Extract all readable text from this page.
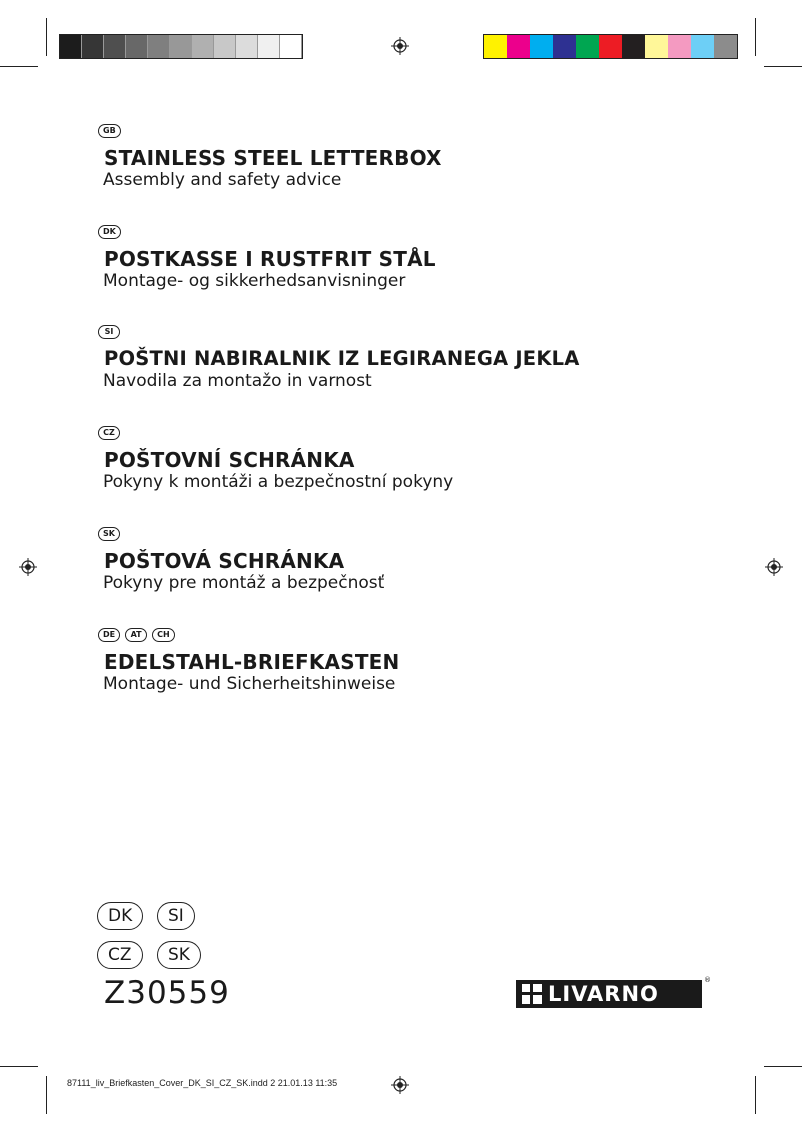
GB
STAINLESS STEEL LETTERBOX
Assembly and safety advice
DK
POSTKASSE I RUSTFRIT STÅL
Montage- og sikkerhedsanvisninger
SI
POŠTNI NABIRALNIK IZ LEGIRANEGA JEKLA
Navodila za montažo in varnost
CZ
POŠTOVNÍ SCHRÁNKA
Pokyny k montáži a bezpečnostní pokyny
SK
POŠTOVÁ SCHRÁNKA
Pokyny pre montáž a bezpečnosť
DE	AT	CH
EDELSTAHL-BRIEFKASTEN
Montage- und Sicherheitshinweise
DK	SI
CZ	SK
Z30559	LIVARNO
®
87111_liv_Briefkasten_Cover_DK_SI_CZ_SK.indd 2 21.01.13 11:35
